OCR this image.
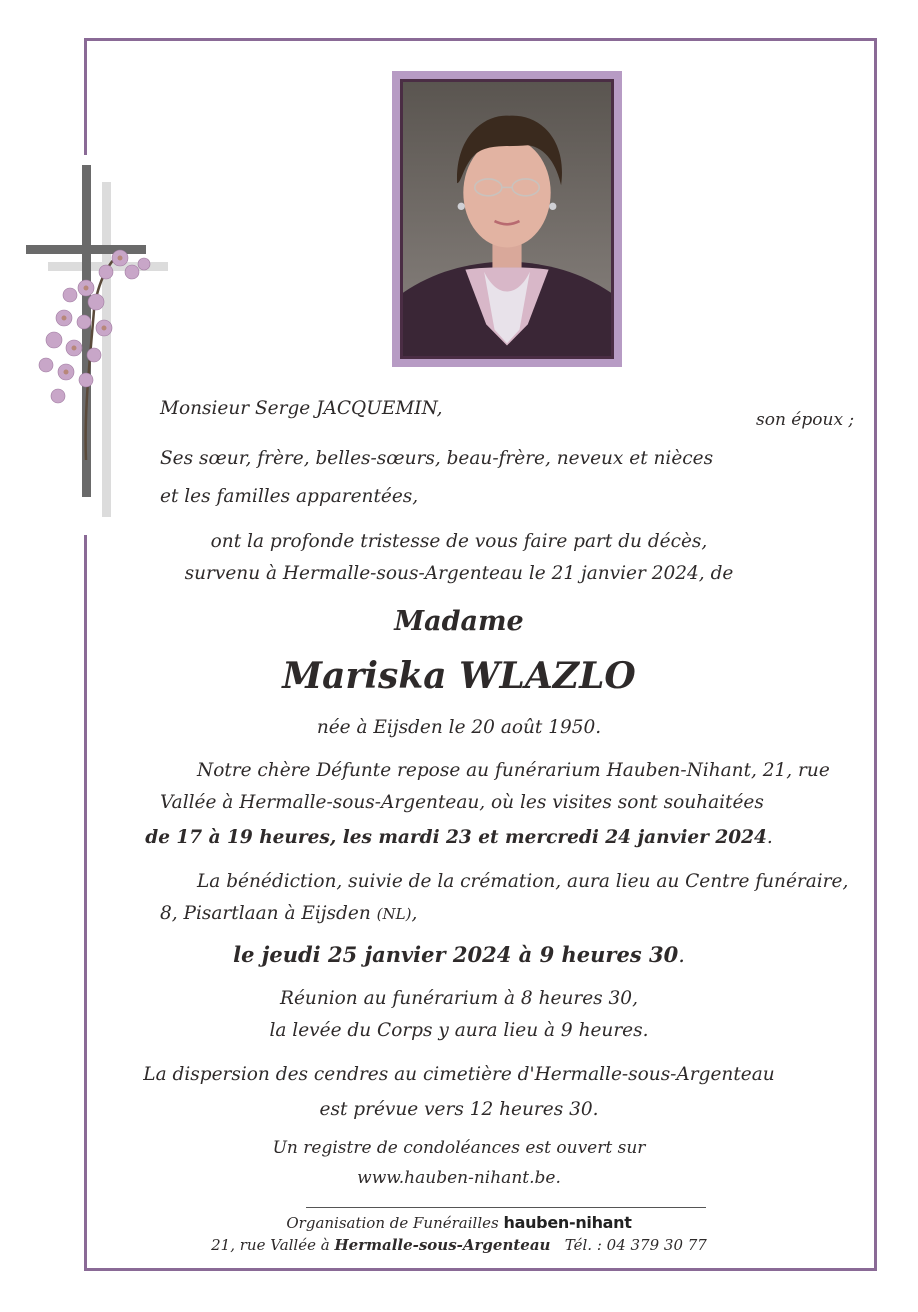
Monsieur Serge JACQUEMIN,
son époux ;
Ses sœur, frère, belles-sœurs, beau-frère, neveux et nièces
et les familles apparentées,
ont la profonde tristesse de vous faire part du décès,
survenu à Hermalle-sous-Argenteau le 21 janvier 2024, de
Madame
Mariska WLAZLO
née à Eijsden le 20 août 1950.
Notre chère Défunte repose au funérarium Hauben-Nihant, 21, rue
Vallée à Hermalle-sous-Argenteau, où les visites sont souhaitées
de 17 à 19 heures, les mardi 23 et mercredi 24 janvier 2024.
La bénédiction, suivie de la crémation, aura lieu au Centre funéraire,
8, Pisartlaan à Eijsden (NL),
le jeudi 25 janvier 2024 à 9 heures 30.
Réunion au funérarium à 8 heures 30,
la levée du Corps y aura lieu à 9 heures.
La dispersion des cendres au cimetière d'Hermalle-sous-Argenteau
est prévue vers 12 heures 30.
Un registre de condoléances est ouvert sur
www.hauben-nihant.be.
Organisation de Funérailles hauben-nihant
21, rue Vallée à Hermalle-sous-Argenteau Tél. : 04 379 30 77
